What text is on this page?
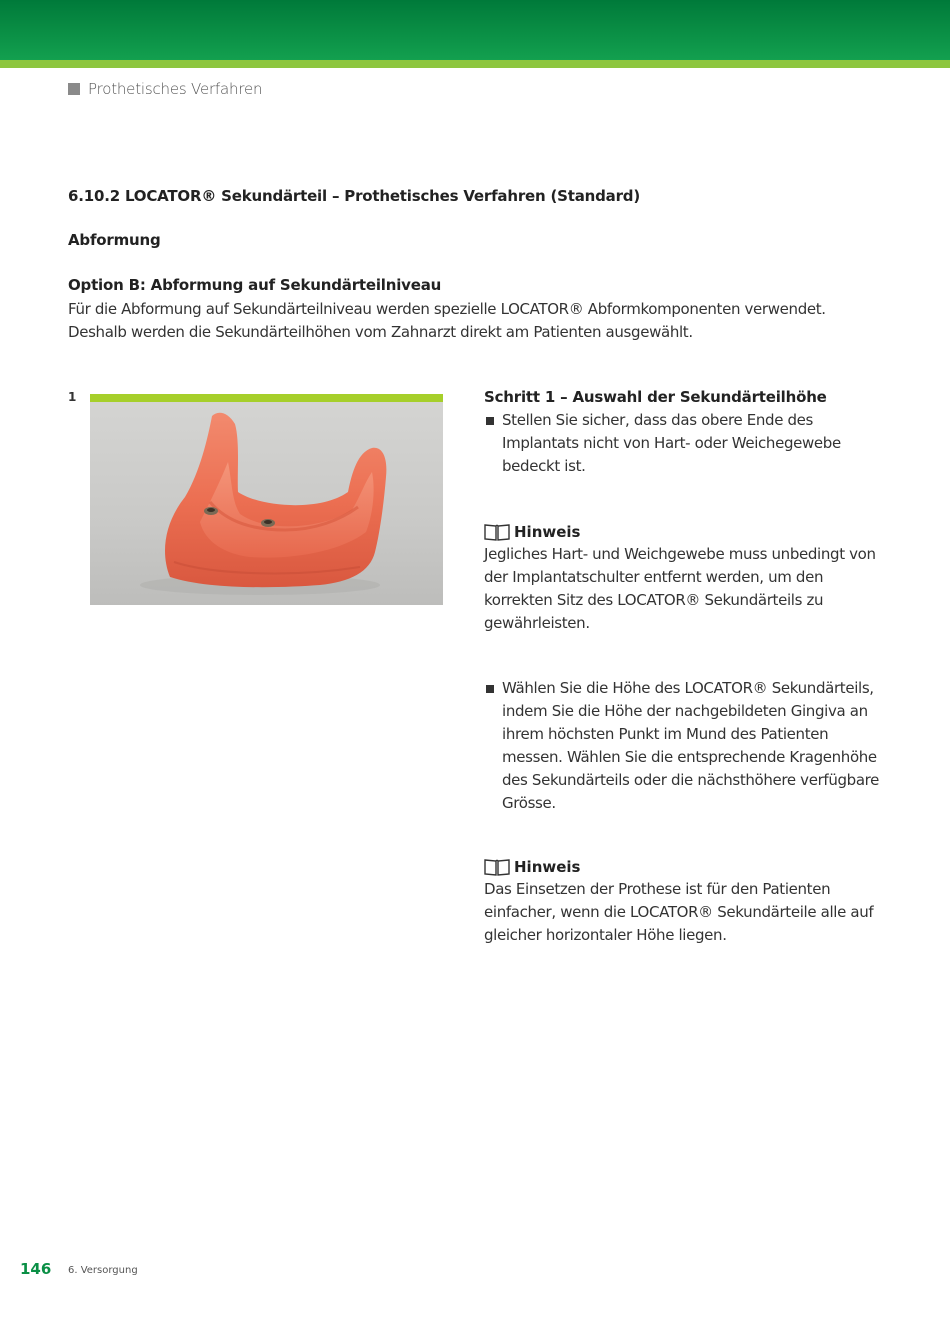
Prothetisches Verfahren
6.10.2 LOCATOR® Sekundärteil – Prothetisches Verfahren (Standard)
Abformung
Option B: Abformung auf Sekundärteilniveau
Für die Abformung auf Sekundärteilniveau werden spezielle LOCATOR® Abformkomponenten verwendet. Deshalb werden die Sekundärteilhöhen vom Zahnarzt direkt am Patienten ausgewählt.
1	Schritt 1 – Auswahl der Sekundärteilhöhe
Stellen Sie sicher, dass das obere Ende des Implantats nicht von Hart- oder Weichegewebe bedeckt ist.
Hinweis
Jegliches Hart- und Weichgewebe muss unbedingt von der Implantatschulter entfernt werden, um den korrekten Sitz des LOCATOR® Sekundärteils zu gewährleisten.
Wählen Sie die Höhe des LOCATOR® Sekundärteils, indem Sie die Höhe der nachgebildeten Gingiva an ihrem höchsten Punkt im Mund des Patienten messen. Wählen Sie die entsprechende Kragenhöhe des Sekundärteils oder die nächsthöhere verfügbare Grösse.
Hinweis
Das Einsetzen der Prothese ist für den Patienten einfacher, wenn die LOCATOR® Sekundärteile alle auf gleicher horizontaler Höhe liegen.
146 6. Versorgung
